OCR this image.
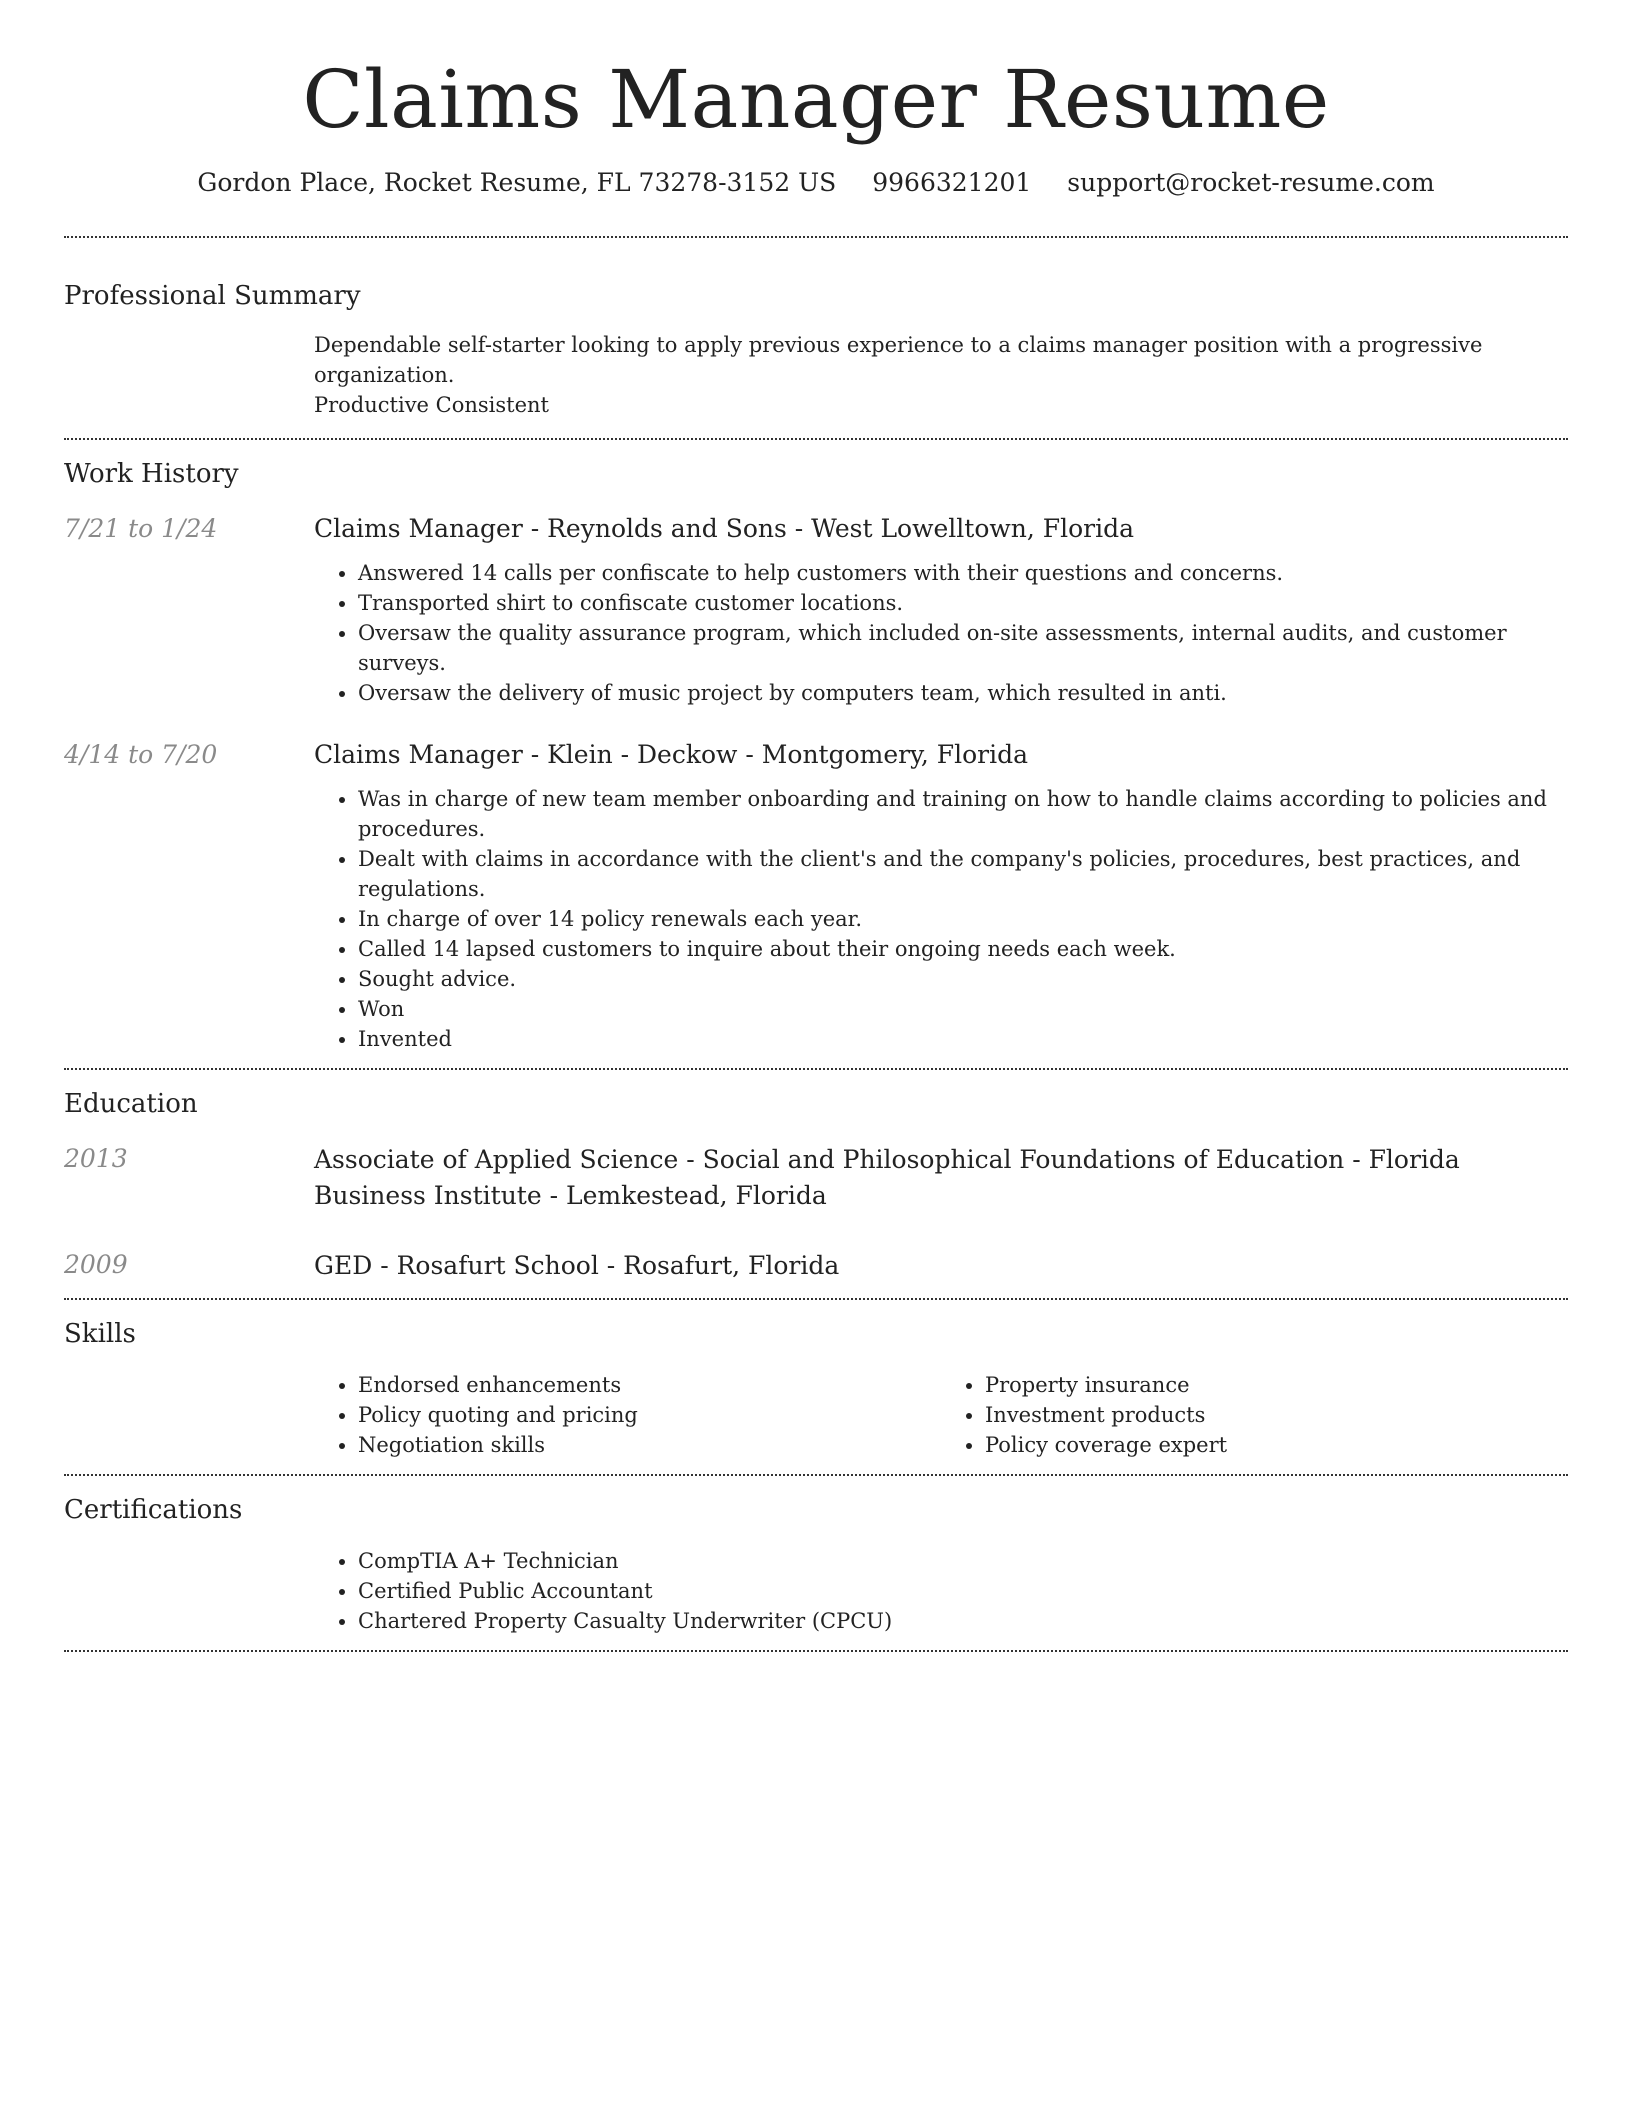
Claims Manager Resume
Gordon Place, Rocket Resume, FL 73278-3152 US 9966321201 support@rocket-resume.com
Professional Summary
Dependable self-starter looking to apply previous experience to a claims manager position with a progressive organization.
Productive Consistent
Work History
7/21 to 1/24	Claims Manager - Reynolds and Sons - West Lowelltown, Florida
• Answered 14 calls per confiscate to help customers with their questions and concerns.
• Transported shirt to confiscate customer locations.
• Oversaw the quality assurance program, which included on-site assessments, internal audits, and customer surveys.
• Oversaw the delivery of music project by computers team, which resulted in anti.
4/14 to 7/20	Claims Manager - Klein - Deckow - Montgomery, Florida
• Was in charge of new team member onboarding and training on how to handle claims according to policies and procedures.
• Dealt with claims in accordance with the client's and the company's policies, procedures, best practices, and regulations.
• In charge of over 14 policy renewals each year.
• Called 14 lapsed customers to inquire about their ongoing needs each week.
• Sought advice.
• Won
• Invented
Education
2013	Associate of Applied Science - Social and Philosophical Foundations of Education - Florida Business Institute - Lemkestead, Florida
2009	GED - Rosafurt School - Rosafurt, Florida
Skills
• Endorsed enhancements
• Policy quoting and pricing
• Negotiation skills
• Property insurance
• Investment products
• Policy coverage expert
Certifications
• CompTIA A+ Technician
• Certified Public Accountant
• Chartered Property Casualty Underwriter (CPCU)
